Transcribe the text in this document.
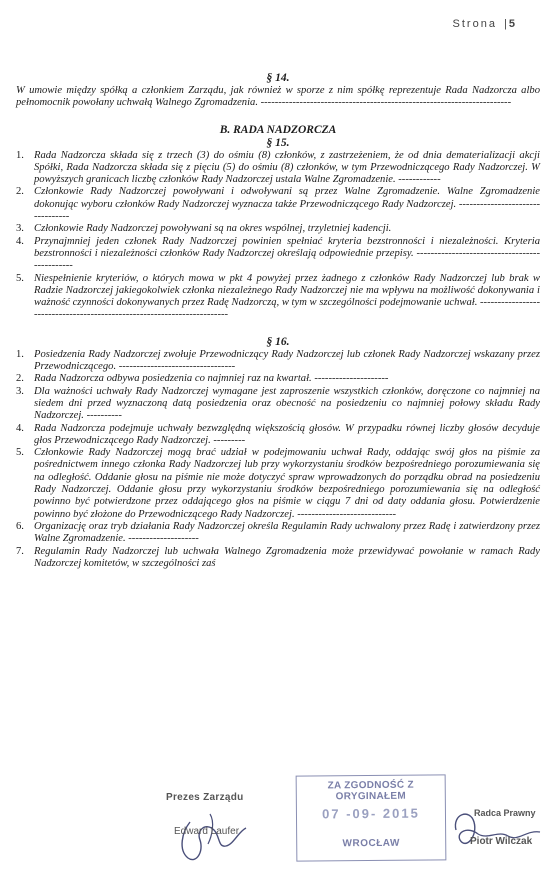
Strona | 5
§ 14.
W umowie między spółką a członkiem Zarządu, jak również w sporze z nim spółkę reprezentuje Rada Nadzorcza albo pełnomocnik powołany uchwałą Walnego Zgromadzenia. -----------------------------------------------------------------------
B. RADA NADZORCZA
§ 15.
1. Rada Nadzorcza składa się z trzech (3) do ośmiu (8) członków, z zastrzeżeniem, że od dnia dematerializacji akcji Spółki, Rada Nadzorcza składa się z pięciu (5) do ośmiu (8) członków, w tym Przewodniczącego Rady Nadzorczej. W powyższych granicach liczbę członków Rady Nadzorczej ustala Walne Zgromadzenie. ------------
2. Członkowie Rady Nadzorczej powoływani i odwoływani są przez Walne Zgromadzenie. Walne Zgromadzenie dokonując wyboru członków Rady Nadzorczej wyznacza także Przewodniczącego Rady Nadzorczej. ---------------------------------
3. Członkowie Rady Nadzorczej powoływani są na okres wspólnej, trzyletniej kadencji.
4. Przynajmniej jeden członek Rady Nadzorczej powinien spełniać kryteria bezstronności i niezależności. Kryteria bezstronności i niezależności członków Rady Nadzorczej określają odpowiednie przepisy. ----------------------------------------------
5. Niespełnienie kryteriów, o których mowa w pkt 4 powyżej przez żadnego z członków Rady Nadzorczej lub brak w Radzie Nadzorczej jakiegokolwiek członka niezależnego Rady Nadzorczej nie ma wpływu na możliwość dokonywania i ważność czynności dokonywanych przez Radę Nadzorczą, w tym w szczególności podejmowanie uchwał. ------------------------------------------------------------------------
§ 16.
1. Posiedzenia Rady Nadzorczej zwołuje Przewodniczący Rady Nadzorczej lub członek Rady Nadzorczej wskazany przez Przewodniczącego. ---------------------------------
2. Rada Nadzorcza odbywa posiedzenia co najmniej raz na kwartał. ---------------------
3. Dla ważności uchwały Rady Nadzorczej wymagane jest zaproszenie wszystkich członków, doręczone co najmniej na siedem dni przed wyznaczoną datą posiedzenia oraz obecność na posiedzeniu co najmniej połowy składu Rady Nadzorczej. ----------
4. Rada Nadzorcza podejmuje uchwały bezwzględną większością głosów. W przypadku równej liczby głosów decyduje głos Przewodniczącego Rady Nadzorczej. ---------
5. Członkowie Rady Nadzorczej mogą brać udział w podejmowaniu uchwał Rady, oddając swój głos na piśmie za pośrednictwem innego członka Rady Nadzorczej lub przy wykorzystaniu środków bezpośredniego porozumiewania się na odległość. Oddanie głosu na piśmie nie może dotyczyć spraw wprowadzonych do porządku obrad na posiedzeniu Rady Nadzorczej. Oddanie głosu przy wykorzystaniu środków bezpośredniego porozumiewania się na odległość powinno być potwierdzone przez oddającego głos na piśmie w ciągu 7 dni od daty oddania głosu. Potwierdzenie powinno być złożone do Przewodniczącego Rady Nadzorczej. ----------------------------
6. Organizację oraz tryb działania Rady Nadzorczej określa Regulamin Rady uchwalony przez Radę i zatwierdzony przez Walne Zgromadzenie. --------------------
7. Regulamin Rady Nadzorczej lub uchwała Walnego Zgromadzenia może przewidywać powołanie w ramach Rady Nadzorczej komitetów, w szczególności zaś
Prezes Zarządu
Edward Laufer
ZA ZGODNOŚĆ Z ORYGINAŁEM
07 -09- 2015
WROCŁAW
Radca Prawny
Piotr Wilczak
